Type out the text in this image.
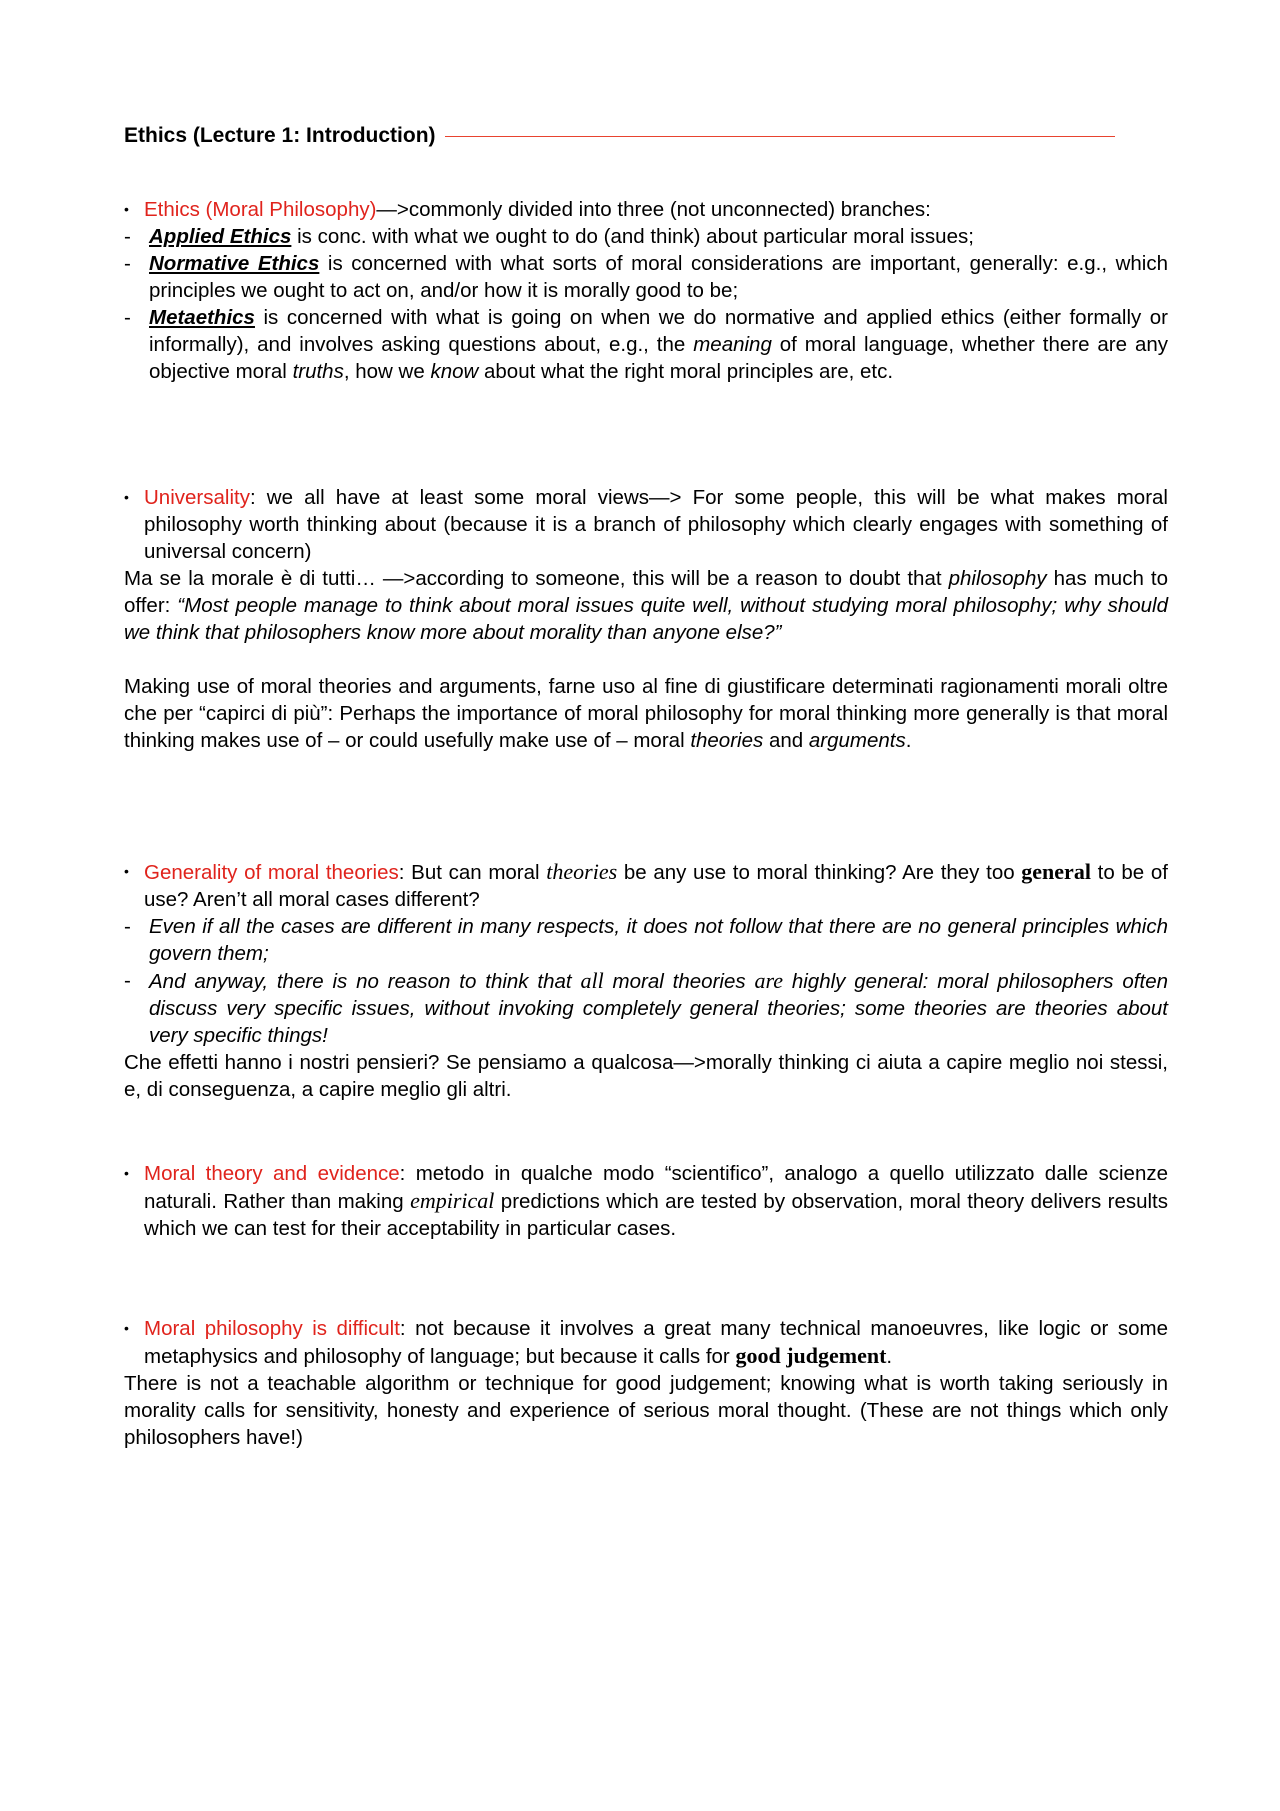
Ethics (Lecture 1: Introduction)
• Ethics (Moral Philosophy)—>commonly divided into three (not unconnected) branches:

- Applied Ethics is conc. with what we ought to do (and think) about particular moral issues;

- Normative Ethics is concerned with what sorts of moral considerations are important, generally: e.g., which principles we ought to act on, and/or how it is morally good to be;

- Metaethics is concerned with what is going on when we do normative and applied ethics (either formally or informally), and involves asking questions about, e.g., the meaning of moral language, whether there are any objective moral truths, how we know about what the right moral principles are, etc.

• Universality: we all have at least some moral views—> For some people, this will be what makes moral philosophy worth thinking about (because it is a branch of philosophy which clearly engages with something of universal concern)

Ma se la morale è di tutti… —>according to someone, this will be a reason to doubt that philosophy has much to offer: “Most people manage to think about moral issues quite well, without studying moral philosophy; why should we think that philosophers know more about morality than anyone else?”

Making use of moral theories and arguments, farne uso al fine di giustificare determinati ragionamenti morali oltre che per “capirci di più”: Perhaps the importance of moral philosophy for moral thinking more generally is that moral thinking makes use of – or could usefully make use of – moral theories and arguments.

• Generality of moral theories: But can moral theories be any use to moral thinking? Are they too general to be of use? Aren’t all moral cases different?

- Even if all the cases are different in many respects, it does not follow that there are no general principles which govern them;

- And anyway, there is no reason to think that all moral theories are highly general: moral philosophers often discuss very specific issues, without invoking completely general theories; some theories are theories about very specific things!

Che effetti hanno i nostri pensieri? Se pensiamo a qualcosa—>morally thinking ci aiuta a capire meglio noi stessi, e, di conseguenza, a capire meglio gli altri.

• Moral theory and evidence: metodo in qualche modo “scientifico”, analogo a quello utilizzato dalle scienze naturali. Rather than making empirical predictions which are tested by observation, moral theory delivers results which we can test for their acceptability in particular cases.

• Moral philosophy is difficult: not because it involves a great many technical manoeuvres, like logic or some metaphysics and philosophy of language; but because it calls for good judgement.

There is not a teachable algorithm or technique for good judgement; knowing what is worth taking seriously in morality calls for sensitivity, honesty and experience of serious moral thought. (These are not things which only philosophers have!)
